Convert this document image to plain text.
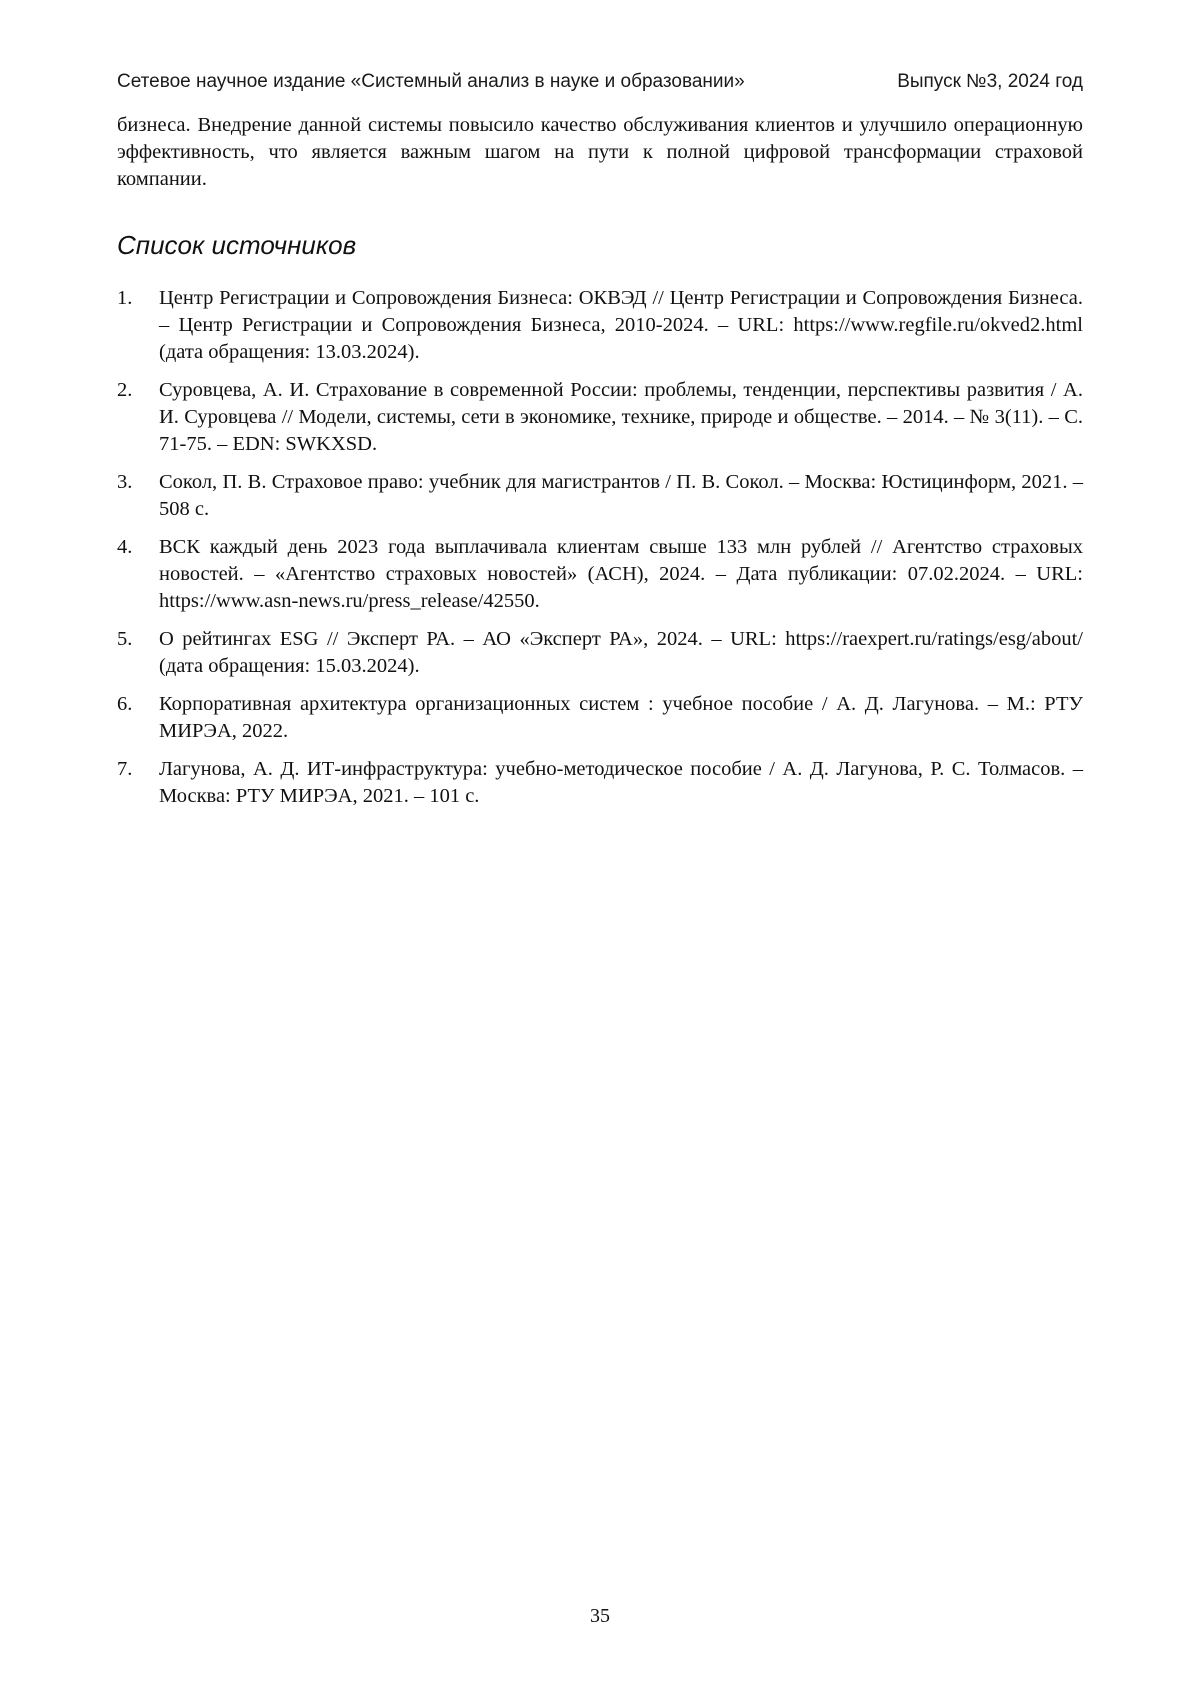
Сетевое научное издание «Системный анализ в науке и образовании»	Выпуск №3, 2024 год

бизнеса. Внедрение данной системы повысило качество обслуживания клиентов и улучшило операционную эффективность, что является важным шагом на пути к полной цифровой трансформации страховой компании.

Список источников
1.	Центр Регистрации и Сопровождения Бизнеса: ОКВЭД // Центр Регистрации и Сопровождения Бизнеса. – Центр Регистрации и Сопровождения Бизнеса, 2010-2024. – URL: https://www.regfile.ru/okved2.html (дата обращения: 13.03.2024).
2.	Суровцева, А. И. Страхование в современной России: проблемы, тенденции, перспективы развития / А. И. Суровцева // Модели, системы, сети в экономике, технике, природе и обществе. – 2014. – № 3(11). – С. 71-75. – EDN: SWKXSD.
3.	Сокол, П. В. Страховое право: учебник для магистрантов / П. В. Сокол. – Москва: Юстицинформ, 2021. – 508 с.
4.	ВСК каждый день 2023 года выплачивала клиентам свыше 133 млн рублей // Агентство страховых новостей. – «Агентство страховых новостей» (АСН), 2024. – Дата публикации: 07.02.2024. – URL: https://www.asn-news.ru/press_release/42550.
5.	О рейтингах ESG // Эксперт РА. – АО «Эксперт РА», 2024. – URL: https://raexpert.ru/ratings/esg/about/ (дата обращения: 15.03.2024).
6.	Корпоративная архитектура организационных систем : учебное пособие / А. Д. Лагунова. – М.: РТУ МИРЭА, 2022.
7.	Лагунова, А. Д. ИТ-инфраструктура: учебно-методическое пособие / А. Д. Лагунова, Р. С. Толмасов. – Москва: РТУ МИРЭА, 2021. – 101 с.
35
